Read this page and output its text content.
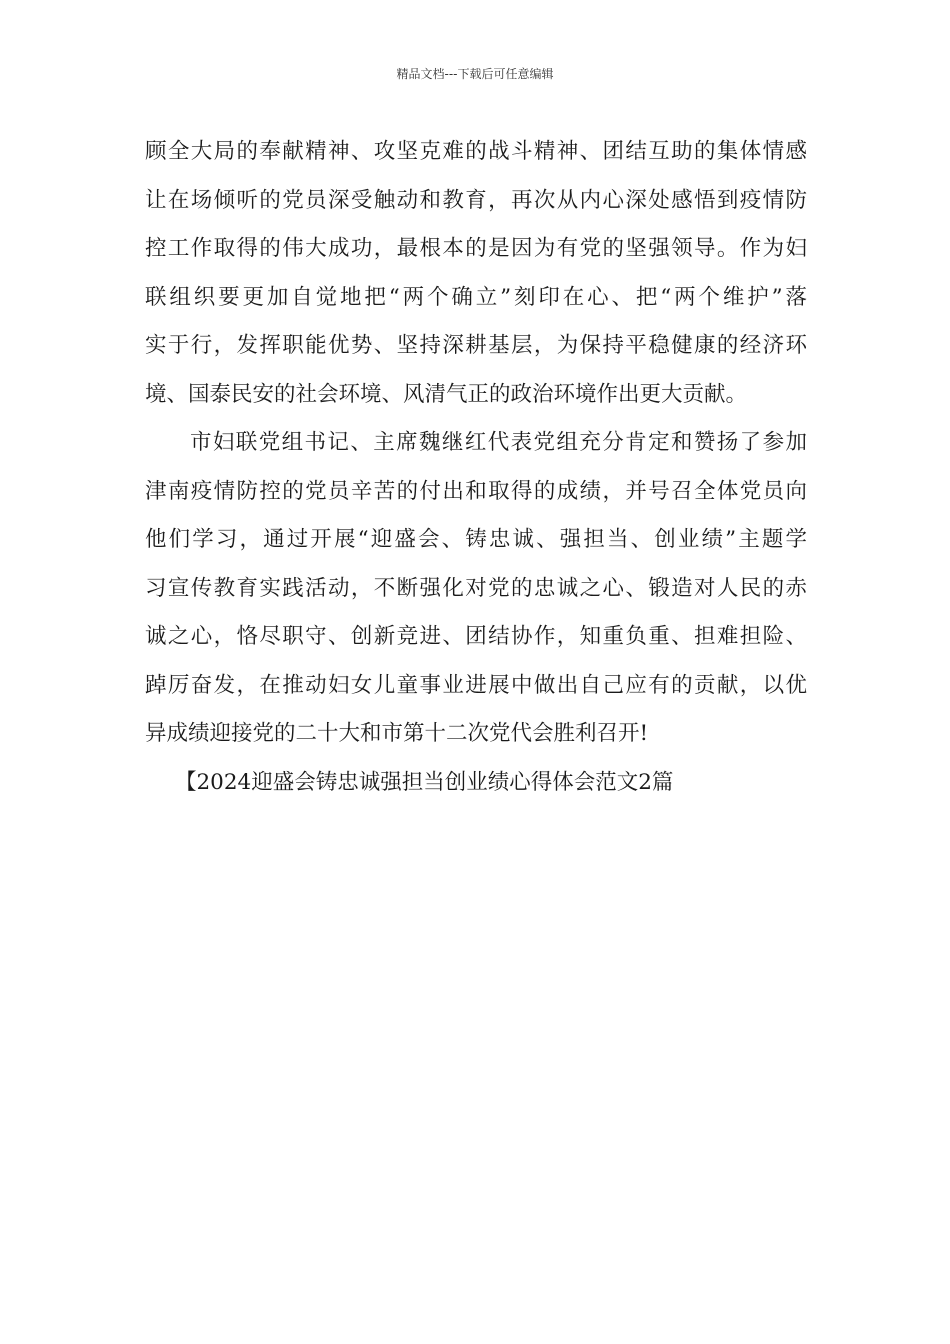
精品文档---下载后可任意编辑
顾全大局的奉献精神、攻坚克难的战斗精神、团结互助的集体情感
让在场倾听的党员深受触动和教育，再次从内心深处感悟到疫情防
控工作取得的伟大成功，最根本的是因为有党的坚强领导。作为妇
联组织要更加自觉地把“两个确立”刻印在心、把“两个维护”落
实于行，发挥职能优势、坚持深耕基层，为保持平稳健康的经济环
境、国泰民安的社会环境、风清气正的政治环境作出更大贡献。
市妇联党组书记、主席魏继红代表党组充分肯定和赞扬了参加
津南疫情防控的党员辛苦的付出和取得的成绩，并号召全体党员向
他们学习，通过开展“迎盛会、铸忠诚、强担当、创业绩”主题学
习宣传教育实践活动，不断强化对党的忠诚之心、锻造对人民的赤
诚之心，恪尽职守、创新竞进、团结协作，知重负重、担难担险、
踔厉奋发，在推动妇女儿童事业进展中做出自己应有的贡献，以优
异成绩迎接党的二十大和市第十二次党代会胜利召开!
【2024迎盛会铸忠诚强担当创业绩心得体会范文2篇
